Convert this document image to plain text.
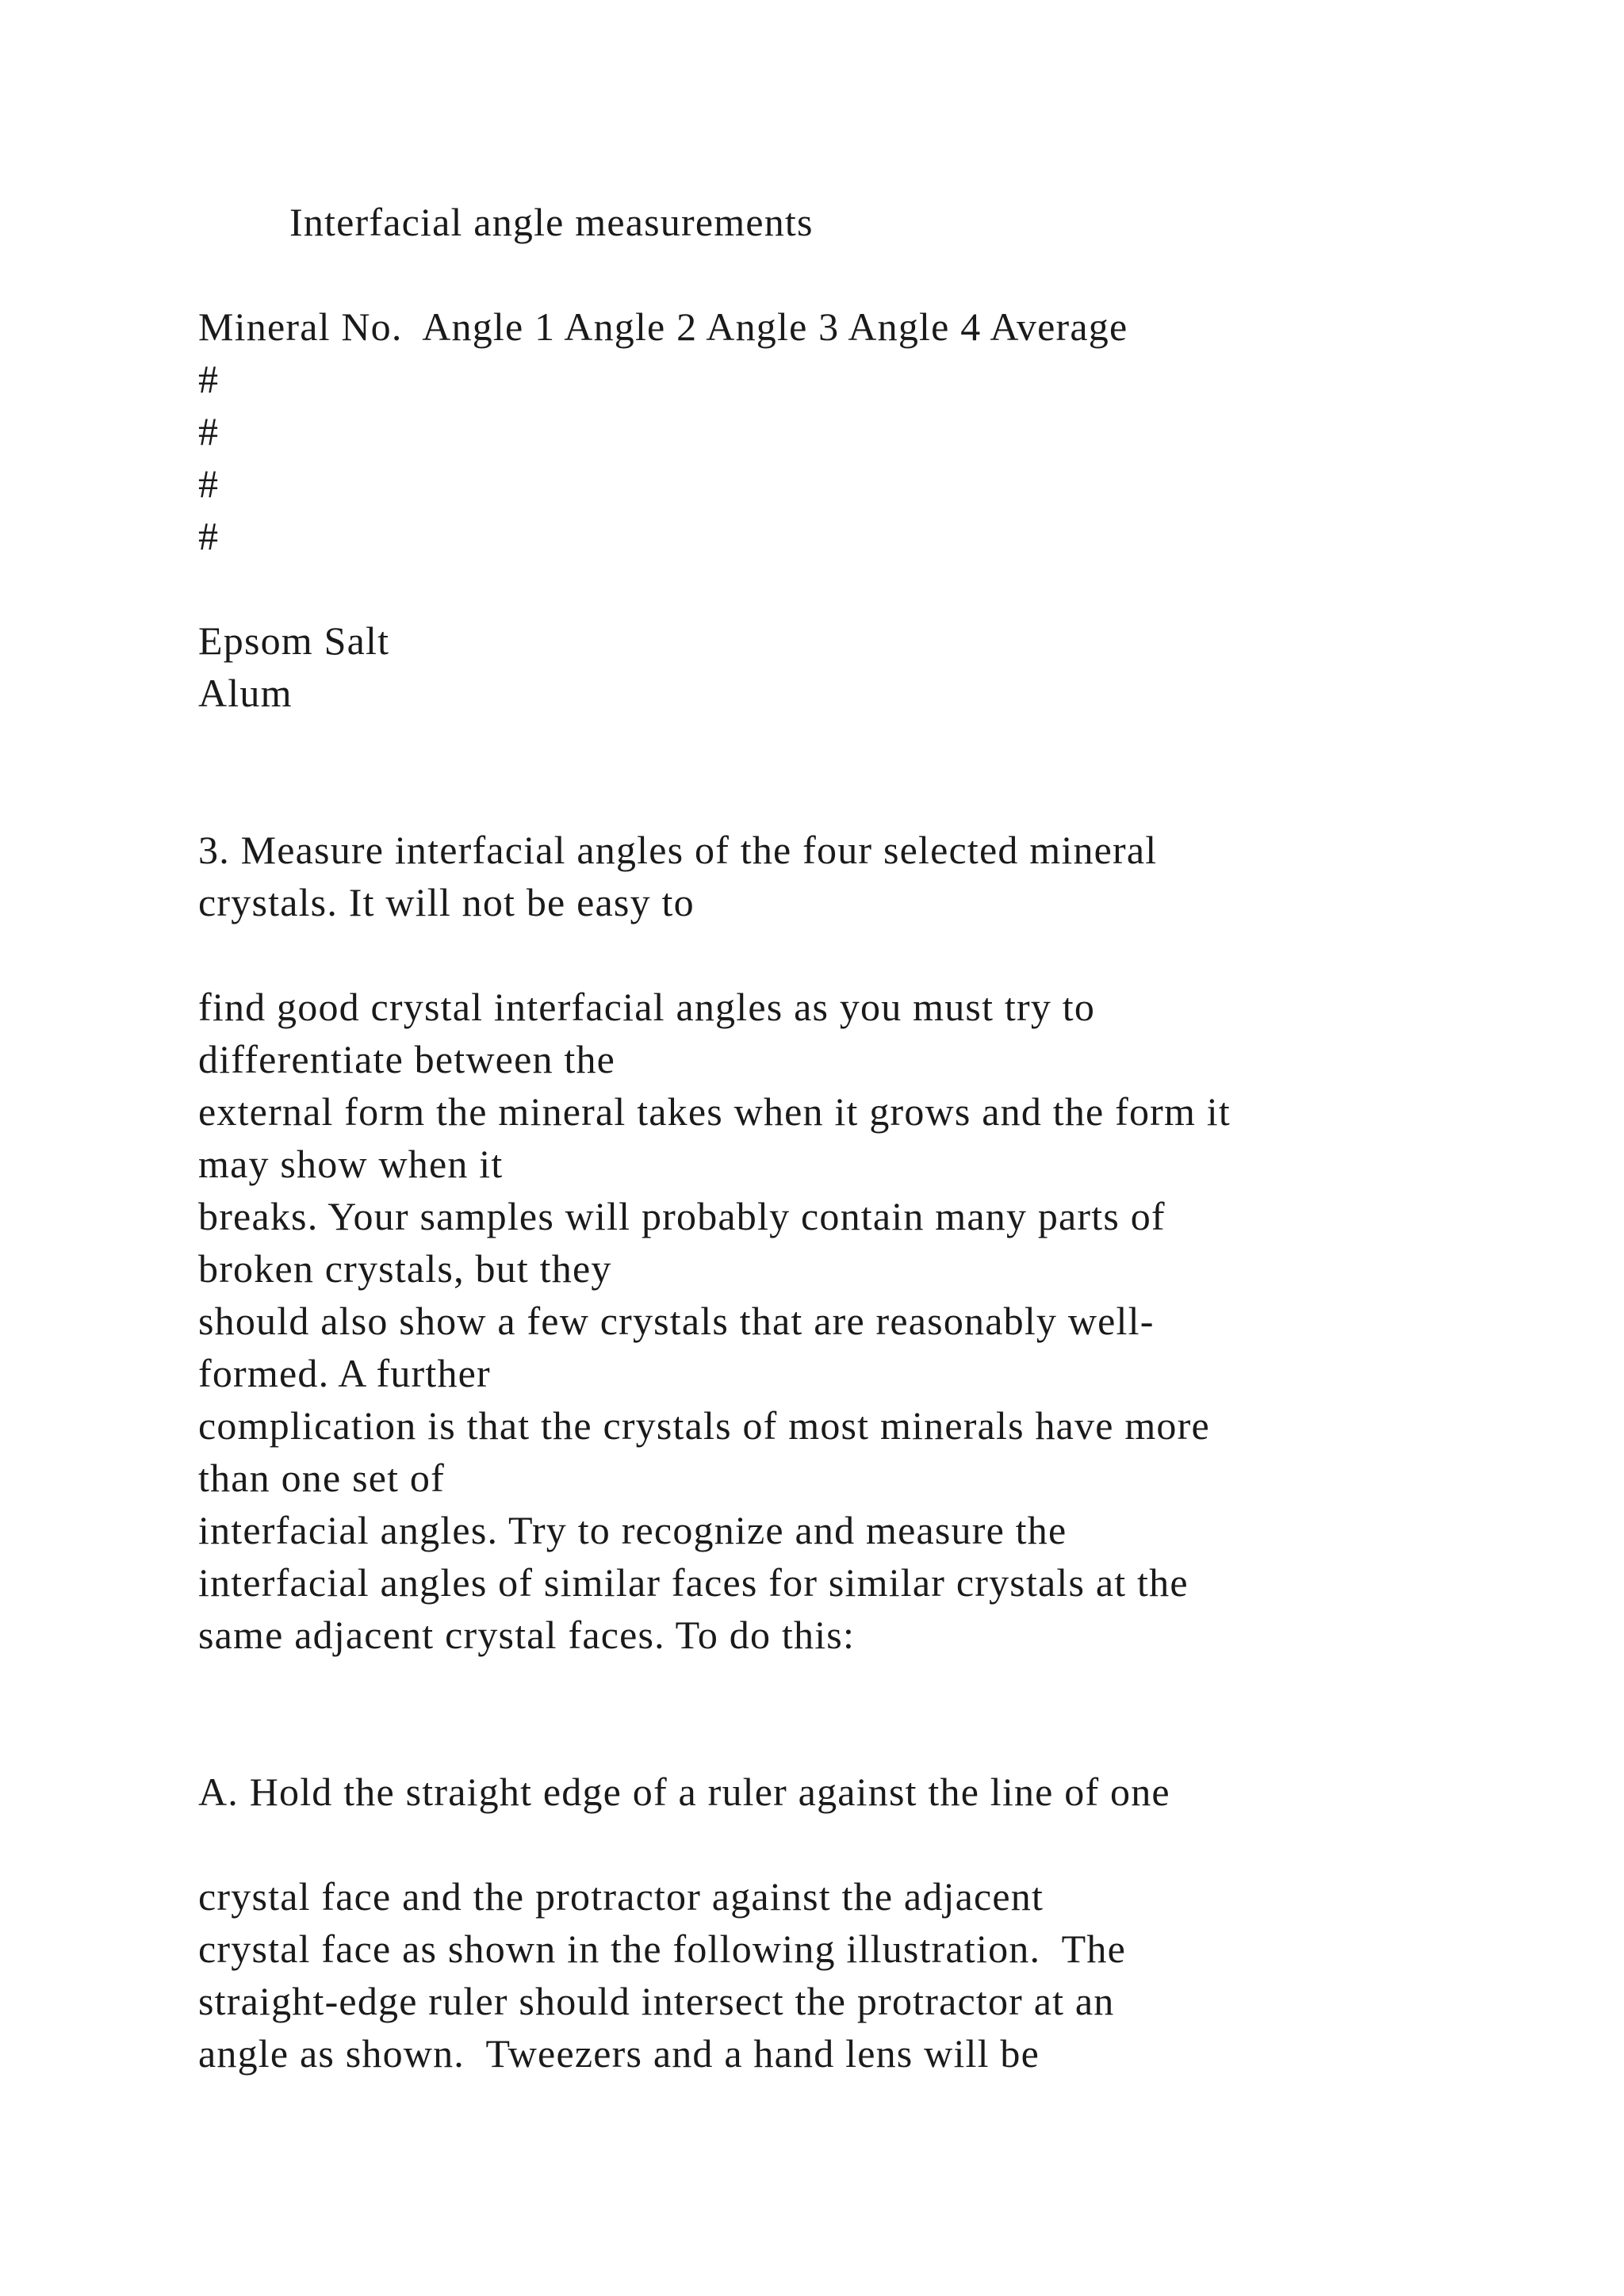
Interfacial angle measurements
Mineral No.  Angle 1 Angle 2 Angle 3 Angle 4 Average
#
#
#
#
Epsom Salt
Alum
3. Measure interfacial angles of the four selected mineral
crystals. It will not be easy to
find good crystal interfacial angles as you must try to
differentiate between the
external form the mineral takes when it grows and the form it
may show when it
breaks. Your samples will probably contain many parts of
broken crystals, but they
should also show a few crystals that are reasonably well-
formed. A further
complication is that the crystals of most minerals have more
than one set of
interfacial angles. Try to recognize and measure the
interfacial angles of similar faces for similar crystals at the
same adjacent crystal faces. To do this:
A. Hold the straight edge of a ruler against the line of one
crystal face and the protractor against the adjacent
crystal face as shown in the following illustration.  The
straight-edge ruler should intersect the protractor at an
angle as shown.  Tweezers and a hand lens will be
